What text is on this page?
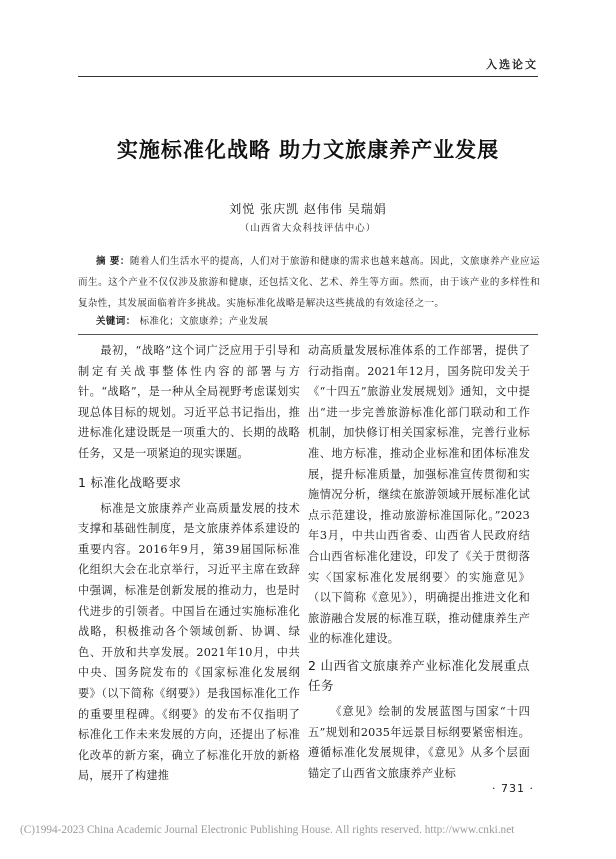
入选论文
实施标准化战略 助力文旅康养产业发展
刘悦 张庆凯 赵伟伟 吴瑞娟
（山西省大众科技评估中心）
摘 要：随着人们生活水平的提高，人们对于旅游和健康的需求也越来越高。因此，文旅康养产业应运而生。这个产业不仅仅涉及旅游和健康，还包括文化、艺术、养生等方面。然而，由于该产业的多样性和复杂性，其发展面临着许多挑战。实施标准化战略是解决这些挑战的有效途径之一。
关键词： 标准化；文旅康养；产业发展

最初，“战略”这个词广泛应用于引导和制定有关战事整体性内容的部署与方针。“战略”，是一种从全局视野考虑谋划实现总体目标的规划。习近平总书记指出，推进标准化建设既是一项重大的、长期的战略任务，又是一项紧迫的现实课题。

1 标准化战略要求

标准是文旅康养产业高质量发展的技术支撑和基础性制度，是文旅康养体系建设的重要内容。2016年9月，第39届国际标准化组织大会在北京举行，习近平主席在致辞中强调，标准是创新发展的推动力，也是时代进步的引领者。中国旨在通过实施标准化战略，积极推动各个领域创新、协调、绿色、开放和共享发展。2021年10月，中共中央、国务院发布的《国家标准化发展纲要》（以下简称《纲要》）是我国标准化工作的重要里程碑。《纲要》的发布不仅指明了标准化工作未来发展的方向，还提出了标准化改革的新方案，确立了标准化开放的新格局，展开了构建推

动高质量发展标准体系的工作部署，提供了行动指南。2021年12月，国务院印发关于《“十四五”旅游业发展规划》通知，文中提出“进一步完善旅游标准化部门联动和工作机制，加快修订相关国家标准，完善行业标准、地方标准，推动企业标准和团体标准发展，提升标准质量，加强标准宣传贯彻和实施情况分析，继续在旅游领域开展标准化试点示范建设，推动旅游标准国际化。”2023年3月，中共山西省委、山西省人民政府结合山西省标准化建设，印发了《关于贯彻落实〈国家标准化发展纲要〉的实施意见》（以下简称《意见》），明确提出推进文化和旅游融合发展的标准互联，推动健康养生产业的标准化建设。

2 山西省文旅康养产业标准化发展重点任务

《意见》绘制的发展蓝图与国家“十四五”规划和2035年远景目标纲要紧密相连。遵循标准化发展规律，《意见》从多个层面锚定了山西省文旅康养产业标

· 731 ·
(C)1994-2023 China Academic Journal Electronic Publishing House. All rights reserved. http://www.cnki.net
